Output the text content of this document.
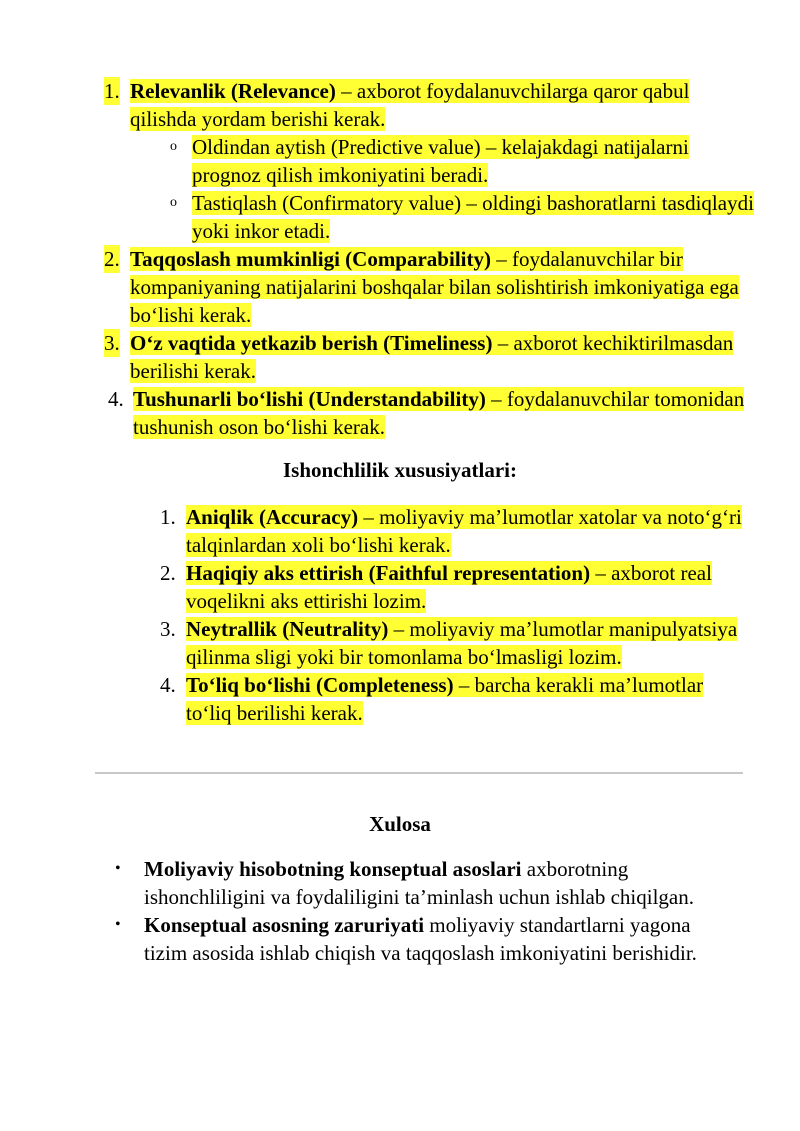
1. Relevanlik (Relevance) – axborot foydalanuvchilarga qaror qabul qilishda yordam berishi kerak.
o Oldindan aytish (Predictive value) – kelajakdagi natijalarni prognoz qilish imkoniyatini beradi.
o Tastiqlash (Confirmatory value) – oldingi bashoratlarni tasdiqlaydi yoki inkor etadi.
2. Taqqoslash mumkinligi (Comparability) – foydalanuvchilar bir kompaniyaning natijalarini boshqalar bilan solishtirish imkoniyatiga ega boʻlishi kerak.
3. Oʻz vaqtida yetkazib berish (Timeliness) – axborot kechiktirilmasdan berilishi kerak.
4. Tushunarli boʻlishi (Understandability) – foydalanuvchilar tomonidan tushunish oson boʻlishi kerak.
Ishonchlilik xususiyatlari:
1. Aniqlik (Accuracy) – moliyaviy maʼlumotlar xatolar va notoʻgʻri talqinlardan xoli boʻlishi kerak.
2. Haqiqiy aks ettirish (Faithful representation) – axborot real voqelikni aks ettirishi lozim.
3. Neytrallik (Neutrality) – moliyaviy maʼlumotlar manipulyatsiya qilinma sligi yoki bir tomonlama boʻlmasligi lozim.
4. Toʻliq boʻlishi (Completeness) – barcha kerakli maʼlumotlar toʻliq berilishi kerak.
Xulosa
• Moliyaviy hisobotning konseptual asoslari axborotning ishonchliligini va foydaliligini taʼminlash uchun ishlab chiqilgan.
• Konseptual asosning zaruriyati moliyaviy standartlarni yagona tizim asosida ishlab chiqish va taqqoslash imkoniyatini berishidir.
